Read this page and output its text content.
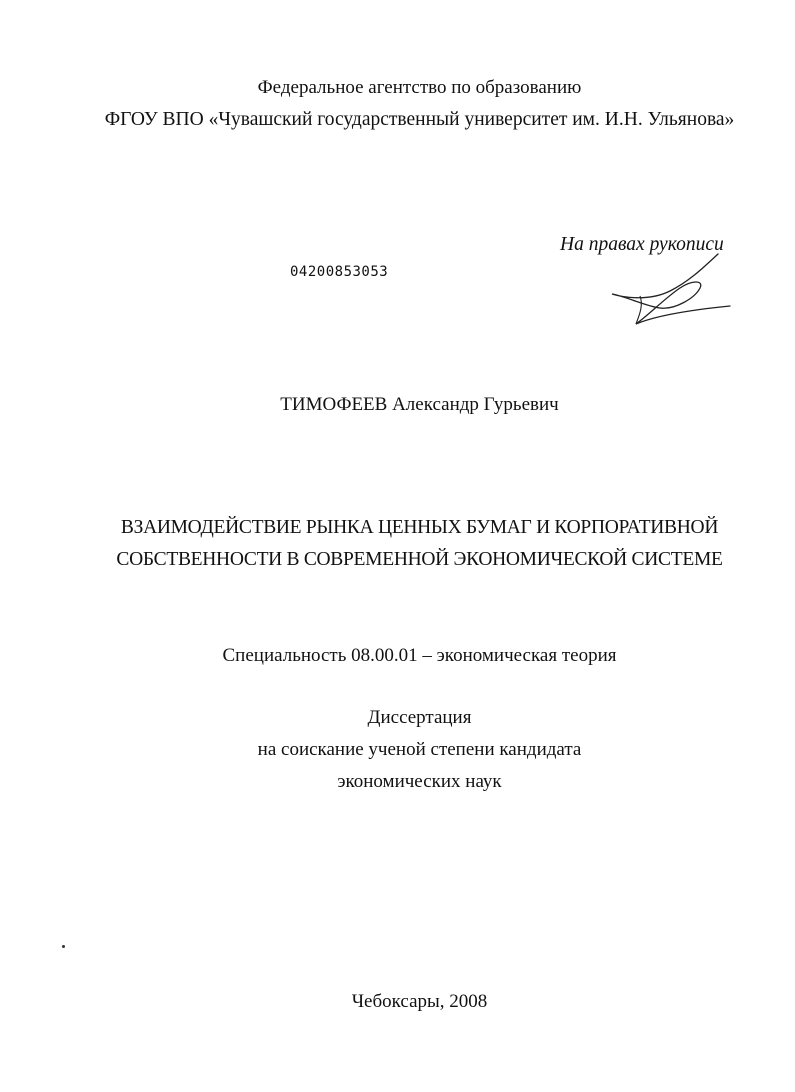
Федеральное агентство по образованию
ФГОУ ВПО «Чувашский государственный университет им. И.Н. Ульянова»
На правах рукописи
04200853053
ТИМОФЕЕВ Александр Гурьевич
ВЗАИМОДЕЙСТВИЕ РЫНКА ЦЕННЫХ БУМАГ И КОРПОРАТИВНОЙ
СОБСТВЕННОСТИ В СОВРЕМЕННОЙ ЭКОНОМИЧЕСКОЙ СИСТЕМЕ
Специальность 08.00.01 – экономическая теория
Диссертация
на соискание ученой степени кандидата
экономических наук
Чебоксары, 2008
